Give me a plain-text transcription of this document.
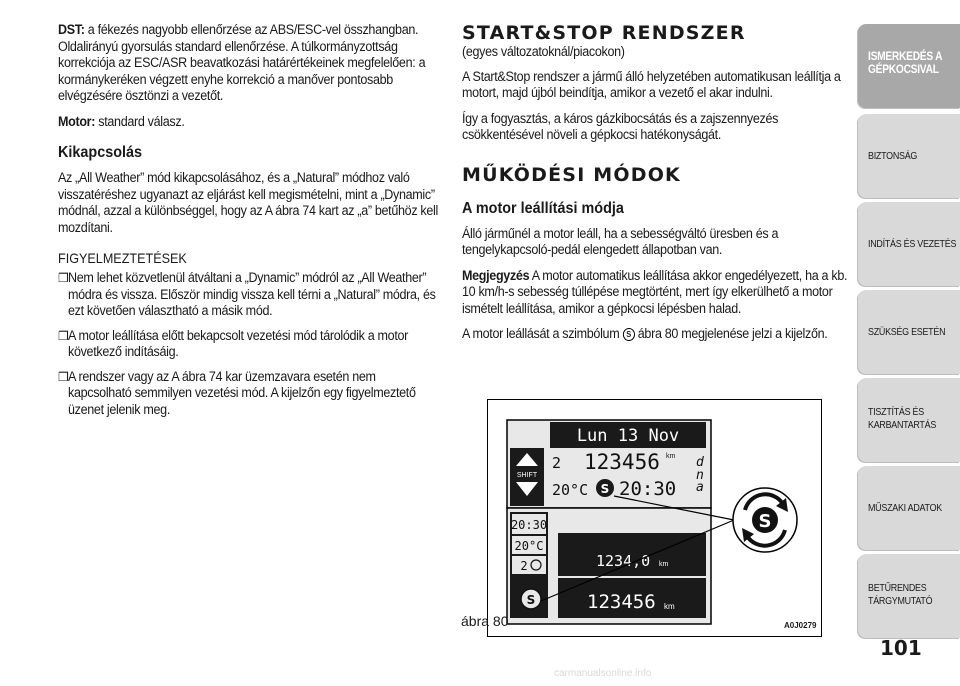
DST: a fékezés nagyobb ellenőrzése az ABS/ESC-vel összhangban. Oldalirányú gyorsulás standard ellenőrzése. A túlkormányzottság korrekciója az ESC/ASR beavatkozási határértékeinek megfelelően: a kormánykeréken végzett enyhe korrekció a manőver pontosabb elvégzésére ösztönzi a vezetőt.

Motor: standard válasz.

Kikapcsolás

Az „All Weather” mód kikapcsolásához, és a „Natural” módhoz való visszatéréshez ugyanazt az eljárást kell megismételni, mint a „Dynamic” módnál, azzal a különbséggel, hogy az A ábra 74 kart az „a” betűhöz kell mozdítani.

FIGYELMEZTETÉSEK
❒ Nem lehet közvetlenül átváltani a „Dynamic” módról az „All Weather” módra és vissza. Először mindig vissza kell térni a „Natural” módra, és ezt követően választható a másik mód.

❒ A motor leállítása előtt bekapcsolt vezetési mód tárolódik a motor következő indításáig.

❒ A rendszer vagy az A ábra 74 kar üzemzavara esetén nem kapcsolható semmilyen vezetési mód. A kijelzőn egy figyelmeztető üzenet jelenik meg.

START&STOP RENDSZER

(egyes változatoknál/piacokon)

A Start&Stop rendszer a jármű álló helyzetében automatikusan leállítja a motort, majd újból beindítja, amikor a vezető el akar indulni.

Így a fogyasztás, a káros gázkibocsátás és a zajszennyezés csökkentésével növeli a gépkocsi hatékonyságát.

MŰKÖDÉSI MÓDOK
A motor leállítási módja

Álló járműnél a motor leáll, ha a sebességváltó üresben és a tengelykapcsoló-pedál elengedett állapotban van.

Megjegyzés A motor automatikus leállítása akkor engedélyezett, ha a kb. 10 km/h-s sebesség túllépése megtörtént, mert így elkerülhető a motor ismételt leállítása, amikor a gépkocsi lépésben halad.

A motor leállását a szimbólum S ábra 80 megjelenése jelzi a kijelzőn.

Lun 13 Nov
SHIFT
2 123456 km d
n
a
20°C S 20:30
20:30
20°C
2
S
1234,0 km
123456 km
S
ábra 80	A0J0279
ISMERKEDÉS A
GÉPKOCSIVAL
BIZTONSÁG
INDÍTÁS ÉS VEZETÉS
SZÜKSÉG ESETÉN
TISZTÍTÁS ÉS
KARBANTARTÁS
MŰSZAKI ADATOK
BETŰRENDES
TÁRGYMUTATÓ
101
carmanualsonline.info
